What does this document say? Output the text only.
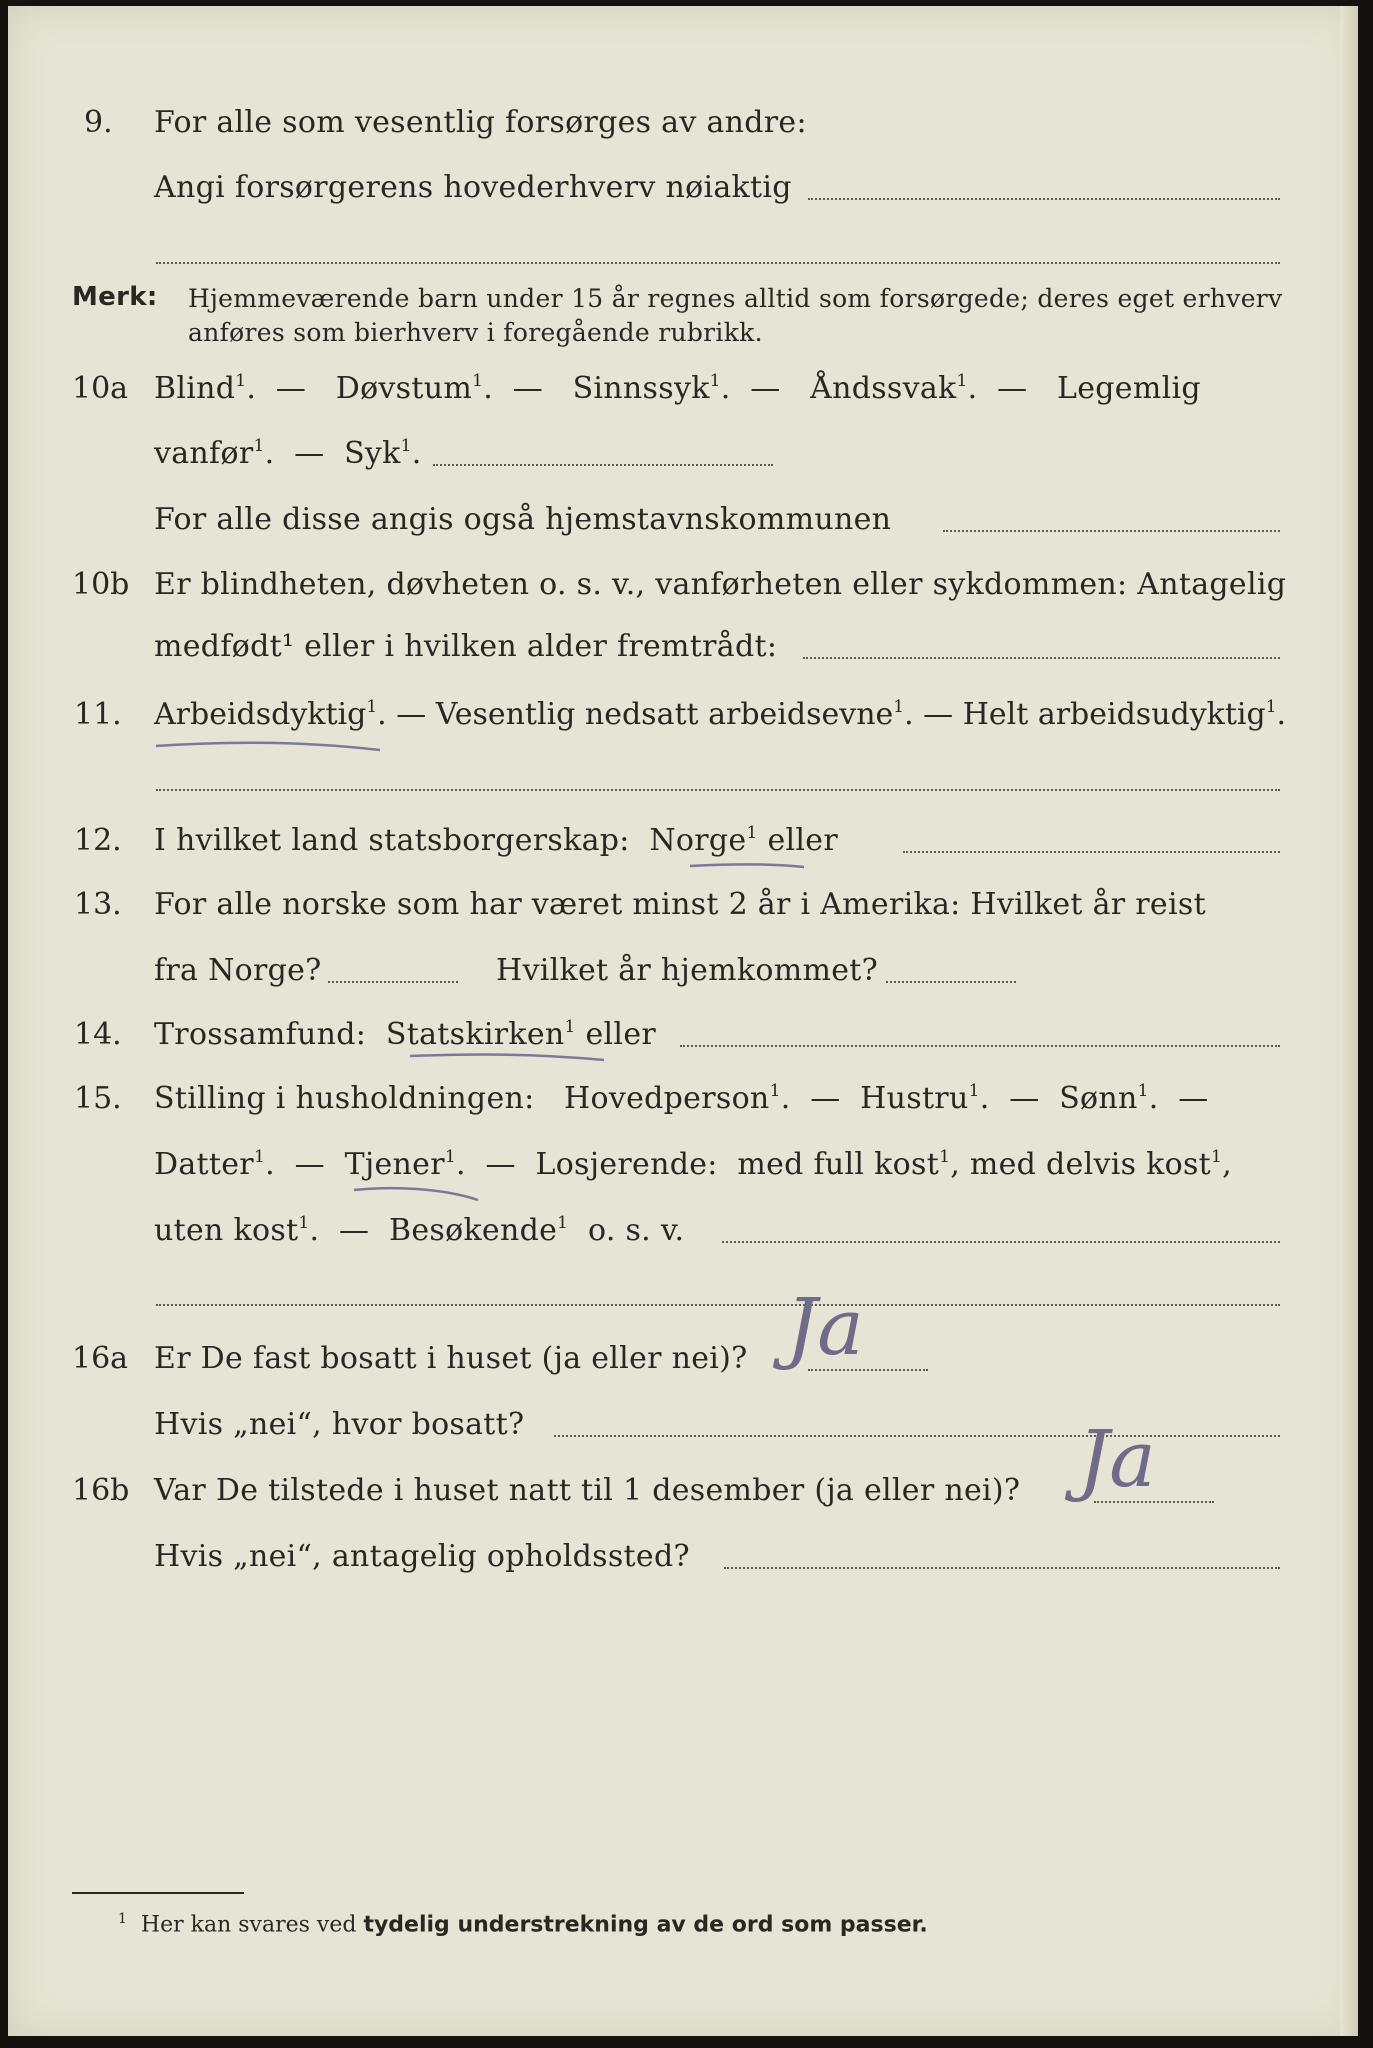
9. For alle som vesentlig forsørges av andre:
Angi forsørgerens hovederhverv nøiaktig
Merk: Hjemmeværende barn under 15 år regnes alltid som forsørgede; deres eget erhverv
anføres som bierhverv i foregående rubrikk.
10a Blind$^1$.  —   Døvstum$^1$.  —   Sinnssyk$^1$.  —   Åndssvak$^1$.  —   Legemlig
vanfør$^1$.  —  Syk$^1$.
For alle disse angis også hjemstavnskommunen
10b Er blindheten, døvheten o. s. v., vanførheten eller sykdommen: Antagelig
medfødt¹ eller i hvilken alder fremtrådt:
11. Arbeidsdyktig$^1$. — Vesentlig nedsatt arbeidsevne$^1$. — Helt arbeidsudyktig$^1$.
12. I hvilket land statsborgerskap: Norge$^1$ eller
13. For alle norske som har været minst 2 år i Amerika: Hvilket år reist
fra Norge?	Hvilket år hjemkommet?
14. Trossamfund: Statskirken$^1$ eller
15. Stilling i husholdningen: Hovedperson$^1$.  —  Hustru$^1$.  —  Sønn$^1$.  —
Datter$^1$.  —  Tjener$^1$.  —  Losjerende: med full kost$^1$, med delvis kost$^1$,
uten kost$^1$.  —  Besøkende$^1$ o. s. v.
16a Er De fast bosatt i huset (ja eller nei)? Ja
Hvis „nei“, hvor bosatt?
16b Var De tilstede i huset natt til 1 desember (ja eller nei)? Ja
Hvis „nei“, antagelig opholdssted?
$^1$ Her kan svares ved tydelig understrekning av de ord som passer.
